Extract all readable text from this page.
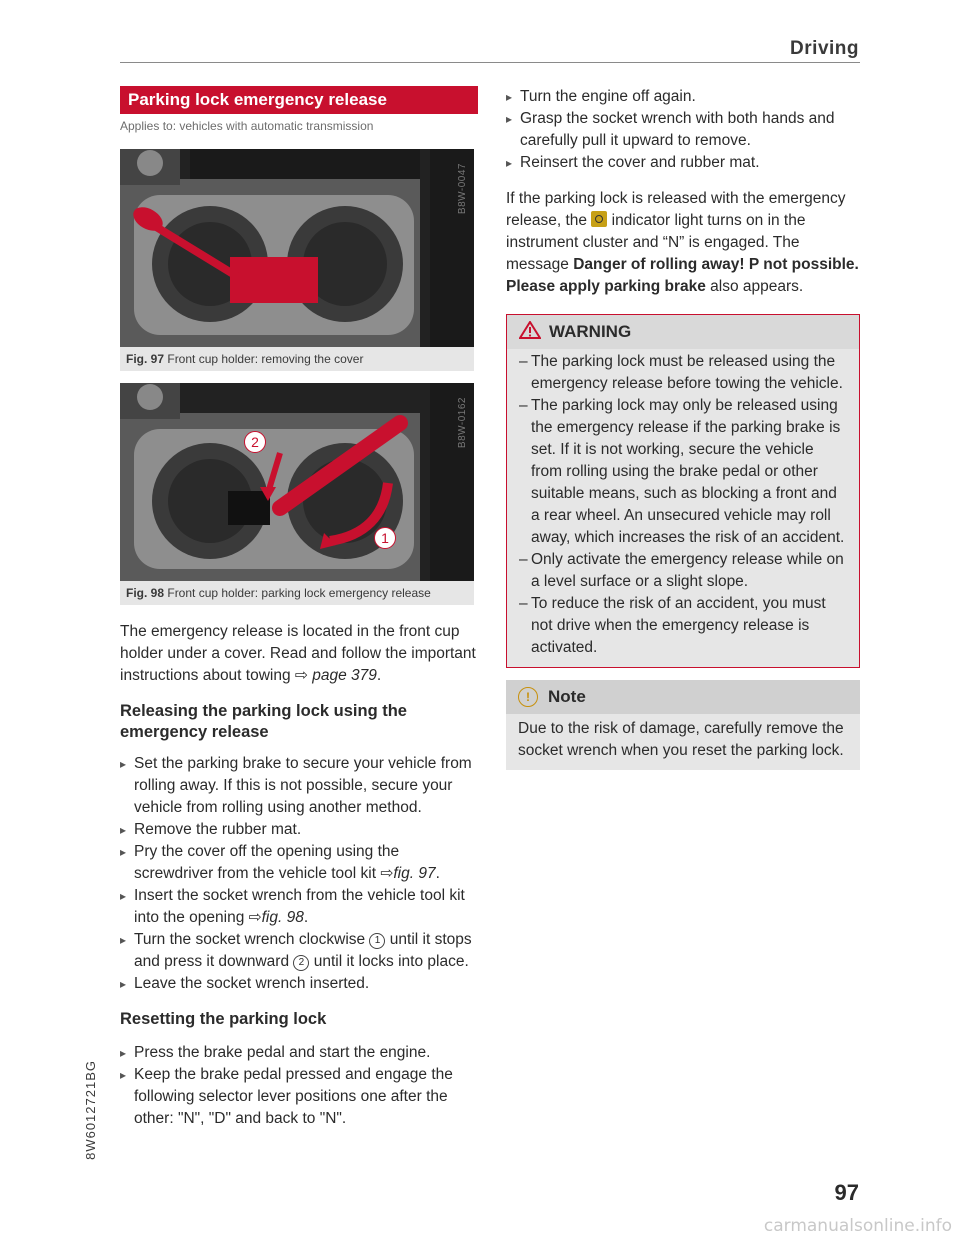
Driving
Parking lock emergency release
Applies to: vehicles with automatic transmission
B8W-0047
Fig. 97 Front cup holder: removing the cover
2
1
B8W-0162
Fig. 98 Front cup holder: parking lock emergency release

The emergency release is located in the front cup holder under a cover. Read and follow the important instructions about towing ⇨ page 379.

Releasing the parking lock using the emergency release
▸ Set the parking brake to secure your vehicle from rolling away. If this is not possible, secure your vehicle from rolling using another method.
▸ Remove the rubber mat.
▸ Pry the cover off the opening using the screwdriver from the vehicle tool kit ⇨fig. 97.
▸ Insert the socket wrench from the vehicle tool kit into the opening ⇨fig. 98.
▸ Turn the socket wrench clockwise 1 until it stops and press it downward 2 until it locks into place.
▸ Leave the socket wrench inserted.
Resetting the parking lock
▸ Press the brake pedal and start the engine.
▸ Keep the brake pedal pressed and engage the following selector lever positions one after the other: "N", "D" and back to "N".
▸ Turn the engine off again.
▸ Grasp the socket wrench with both hands and carefully pull it upward to remove.
▸ Reinsert the cover and rubber mat.

If the parking lock is released with the emergency release, the  indicator light turns on in the instrument cluster and “N” is engaged. The message Danger of rolling away! P not possible. Please apply parking brake also appears.

WARNING
– The parking lock must be released using the emergency release before towing the vehicle.
– The parking lock may only be released using the emergency release if the parking brake is set. If it is not working, secure the vehicle from rolling using the brake pedal or other suitable means, such as blocking a front and a rear wheel. An unsecured vehicle may roll away, which increases the risk of an accident.
– Only activate the emergency release while on a level surface or a slight slope.
– To reduce the risk of an accident, you must not drive when the emergency release is activated.
! Note
Due to the risk of damage, carefully remove the socket wrench when you reset the parking lock.
8W6012721BG
97
carmanualsonline.info
